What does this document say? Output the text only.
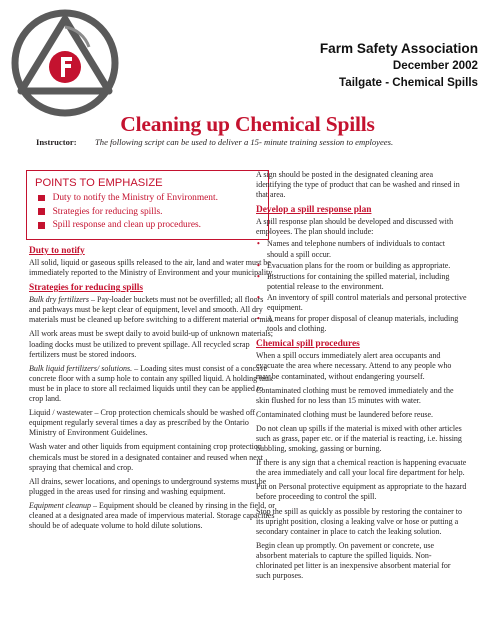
Farm Safety Association
December 2002
Tailgate - Chemical Spills
Cleaning up Chemical Spills
Instructor: The following script can be used to deliver a 15- minute training session to employees.
POINTS TO EMPHASIZE
Duty to notify the Ministry of Environment.
Strategies for reducing spills.
Spill response and clean up procedures.
Duty to notify
All solid, liquid or gaseous spills released to the air, land and water must be immediately reported to the Ministry of Environment and your municipality.
Strategies for reducing spills
Bulk dry fertilizers – Pay-loader buckets must not be overfilled; all floors and pathways must be kept clear of equipment, level and smooth. All dry materials must be cleaned up before switching to a different material or mix.
All work areas must be swept daily to avoid build-up of unknown materials; loading docks must be utilized to prevent spillage. All recycled scrap fertilizers must be stored indoors.
Bulk liquid fertilizers/ solutions. – Loading sites must consist of a concave concrete floor with a sump hole to contain any spilled liquid. A holding tank must be in place to store all reclaimed liquids until they can be applied to crop land.
Liquid / wastewater – Crop protection chemicals should be washed off equipment regularly several times a day as prescribed by the Ontario Ministry of Environment Guidelines.
Wash water and other liquids from equipment containing crop protection chemicals must be stored in a designated container and reused when next spraying that chemical and crop.
All drains, sewer locations, and openings to underground systems must be plugged in the areas used for rinsing and washing equipment.
Equipment cleanup – Equipment should be cleaned by rinsing in the field, or cleaned at a designated area made of impervious material. Storage capacities should be of adequate volume to hold dilute solutions.
A sign should be posted in the designated cleaning area identifying the type of product that can be washed and rinsed in that area.
Develop a spill response plan
A spill response plan should be developed and discussed with employees. The plan should include:
• Names and telephone numbers of individuals to contact should a spill occur.
• Evacuation plans for the room or building as appropriate.
• Instructions for containing the spilled material, including potential release to the environment.
• An inventory of spill control materials and personal protective equipment.
• A means for proper disposal of cleanup materials, including tools and clothing.
Chemical spill procedures
When a spill occurs immediately alert area occupants and evacuate the area where necessary. Attend to any people who may be contaminated, without endangering yourself.
Contaminated clothing must be removed immediately and the skin flushed for no less than 15 minutes with water.
Contaminated clothing must be laundered before reuse.
Do not clean up spills if the material is mixed with other articles such as grass, paper etc. or if the material is reacting, i.e. hissing bubbling, smoking, gassing or burning.
If there is any sign that a chemical reaction is happening evacuate the area immediately and call your local fire department for help.
Put on Personal protective equipment as appropriate to the hazard before proceeding to control the spill.
Stop the spill as quickly as possible by restoring the container to its upright position, closing a leaking valve or hose or putting a secondary container in place to catch the leaking solution.
Begin clean up promptly. On pavement or concrete, use absorbent materials to capture the spilled liquids. Non-chlorinated pet litter is an inexpensive absorbent material for such purposes.
